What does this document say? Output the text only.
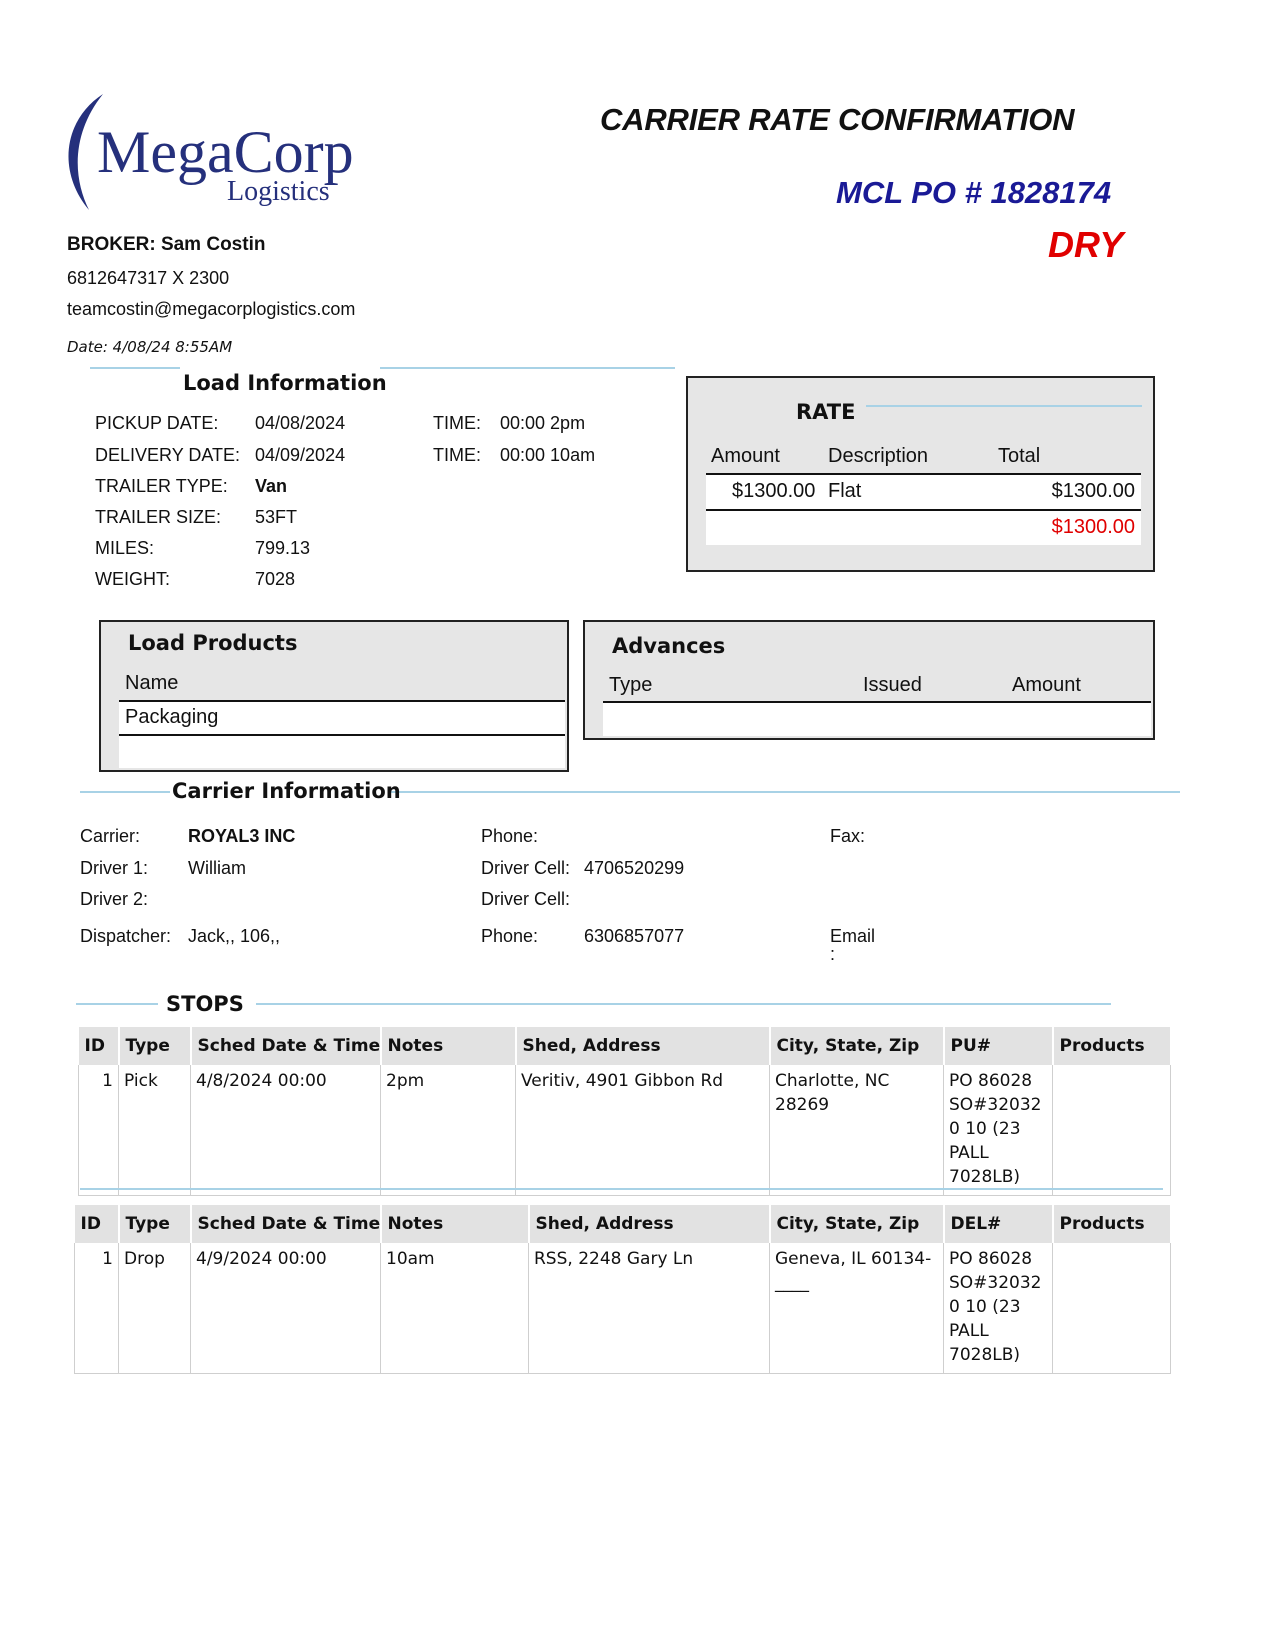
CARRIER RATE CONFIRMATION
MCL PO # 1828174
DRY
MegaCorp
Logistics
BROKER: Sam Costin
6812647317 X 2300
teamcostin@megacorplogistics.com
Date: 4/08/24 8:55AM
Load Information
PICKUP DATE: 04/08/2024	TIME: 00:00 2pm
DELIVERY DATE: 04/09/2024	TIME: 00:00 10am
TRAILER TYPE: Van
TRAILER SIZE: 53FT
MILES:	799.13
WEIGHT:	7028
RATE
Amount Description	Total
$1300.00 Flat	$1300.00
$1300.00
Load Products
Name
Packaging
Advances
Type	Issued	Amount
Carrier Information
Carrier:	ROYAL3 INC	Phone:	Fax:
Driver 1: William	Driver Cell: 4706520299
Driver 2:	Driver Cell:
Dispatcher: Jack,, 106,,	Phone:	6306857077	Email
:
STOPS
ID	Type	Sched Date & Time	Notes	Shed, Address	City, State, Zip	PU#	Products
1	Pick	4/8/2024 00:00	2pm	Veritiv, 4901 Gibbon Rd	Charlotte, NC 28269	PO 86028 SO#320320 10 (23 PALL 7028LB)	
ID	Type	Sched Date & Time	Notes	Shed, Address	City, State, Zip	DEL#	Products
1	Drop	4/9/2024 00:00	10am	RSS, 2248 Gary Ln	Geneva, IL 60134-____	PO 86028 SO#320320 10 (23 PALL 7028LB)	
